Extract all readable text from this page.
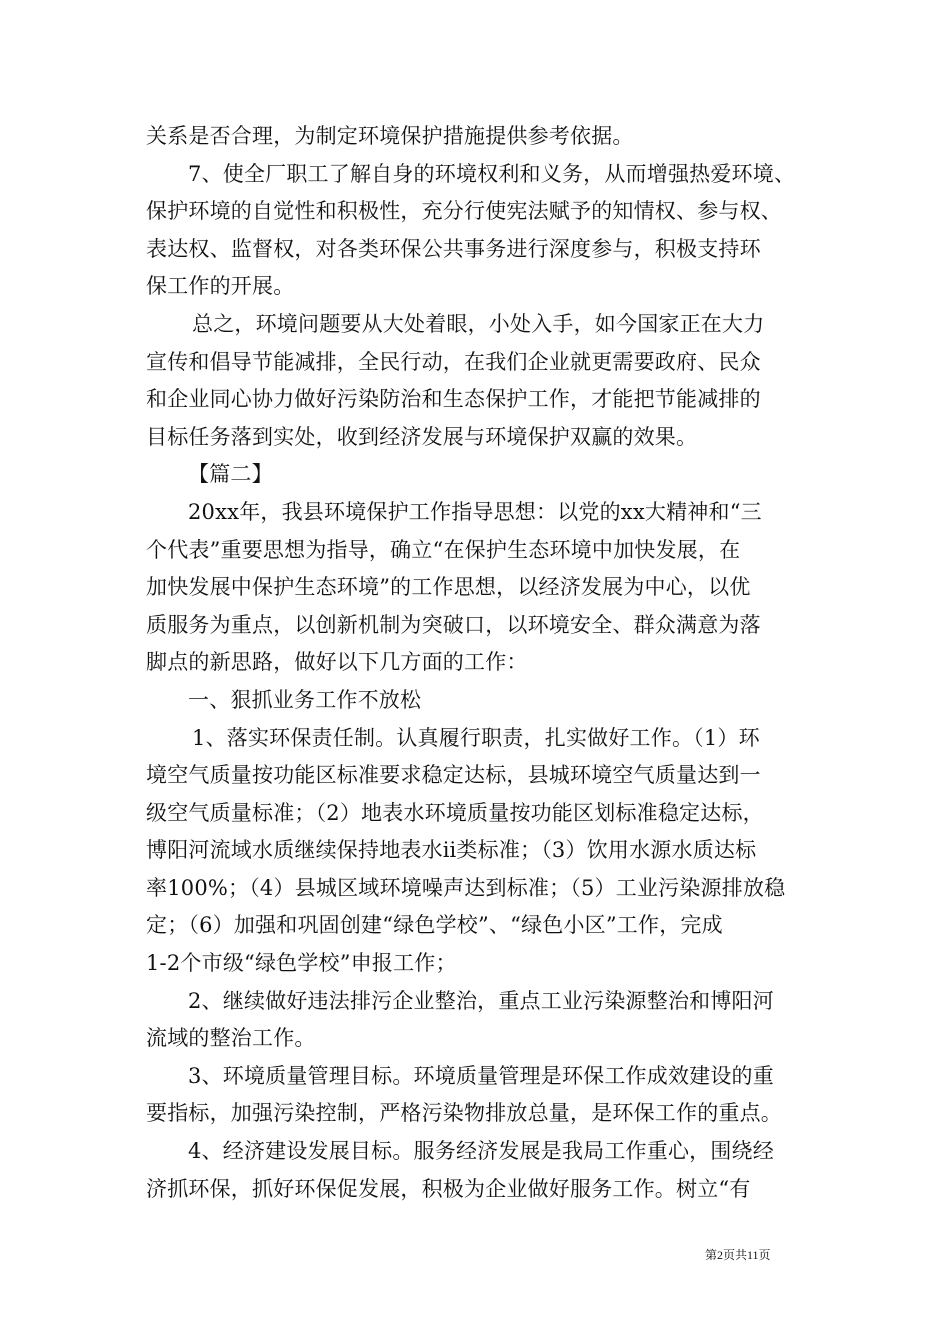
关系是否合理，为制定环境保护措施提供参考依据。
7、使全厂职工了解自身的环境权利和义务，从而增强热爱环境、
保护环境的自觉性和积极性，充分行使宪法赋予的知情权、参与权、
表达权、监督权，对各类环保公共事务进行深度参与，积极支持环
保工作的开展。
总之，环境问题要从大处着眼，小处入手，如今国家正在大力
宣传和倡导节能减排，全民行动，在我们企业就更需要政府、民众
和企业同心协力做好污染防治和生态保护工作，才能把节能减排的
目标任务落到实处，收到经济发展与环境保护双赢的效果。
【篇二】
20xx年，我县环境保护工作指导思想：以党的xx大精神和“三
个代表”重要思想为指导，确立“在保护生态环境中加快发展，在
加快发展中保护生态环境”的工作思想，以经济发展为中心，以优
质服务为重点，以创新机制为突破口，以环境安全、群众满意为落
脚点的新思路，做好以下几方面的工作：
一、狠抓业务工作不放松
1、落实环保责任制。认真履行职责，扎实做好工作。（1）环
境空气质量按功能区标准要求稳定达标，县城环境空气质量达到一
级空气质量标准；（2）地表水环境质量按功能区划标准稳定达标，
博阳河流域水质继续保持地表水ⅱ类标准；（3）饮用水源水质达标
率100%；（4）县城区域环境噪声达到标准；（5）工业污染源排放稳
定；（6）加强和巩固创建“绿色学校”、“绿色小区”工作，完成
1-2个市级“绿色学校”申报工作；
2、继续做好违法排污企业整治，重点工业污染源整治和博阳河
流域的整治工作。
3、环境质量管理目标。环境质量管理是环保工作成效建设的重
要指标，加强污染控制，严格污染物排放总量，是环保工作的重点。
4、经济建设发展目标。服务经济发展是我局工作重心，围绕经
济抓环保，抓好环保促发展，积极为企业做好服务工作。树立“有
第2页共11页
